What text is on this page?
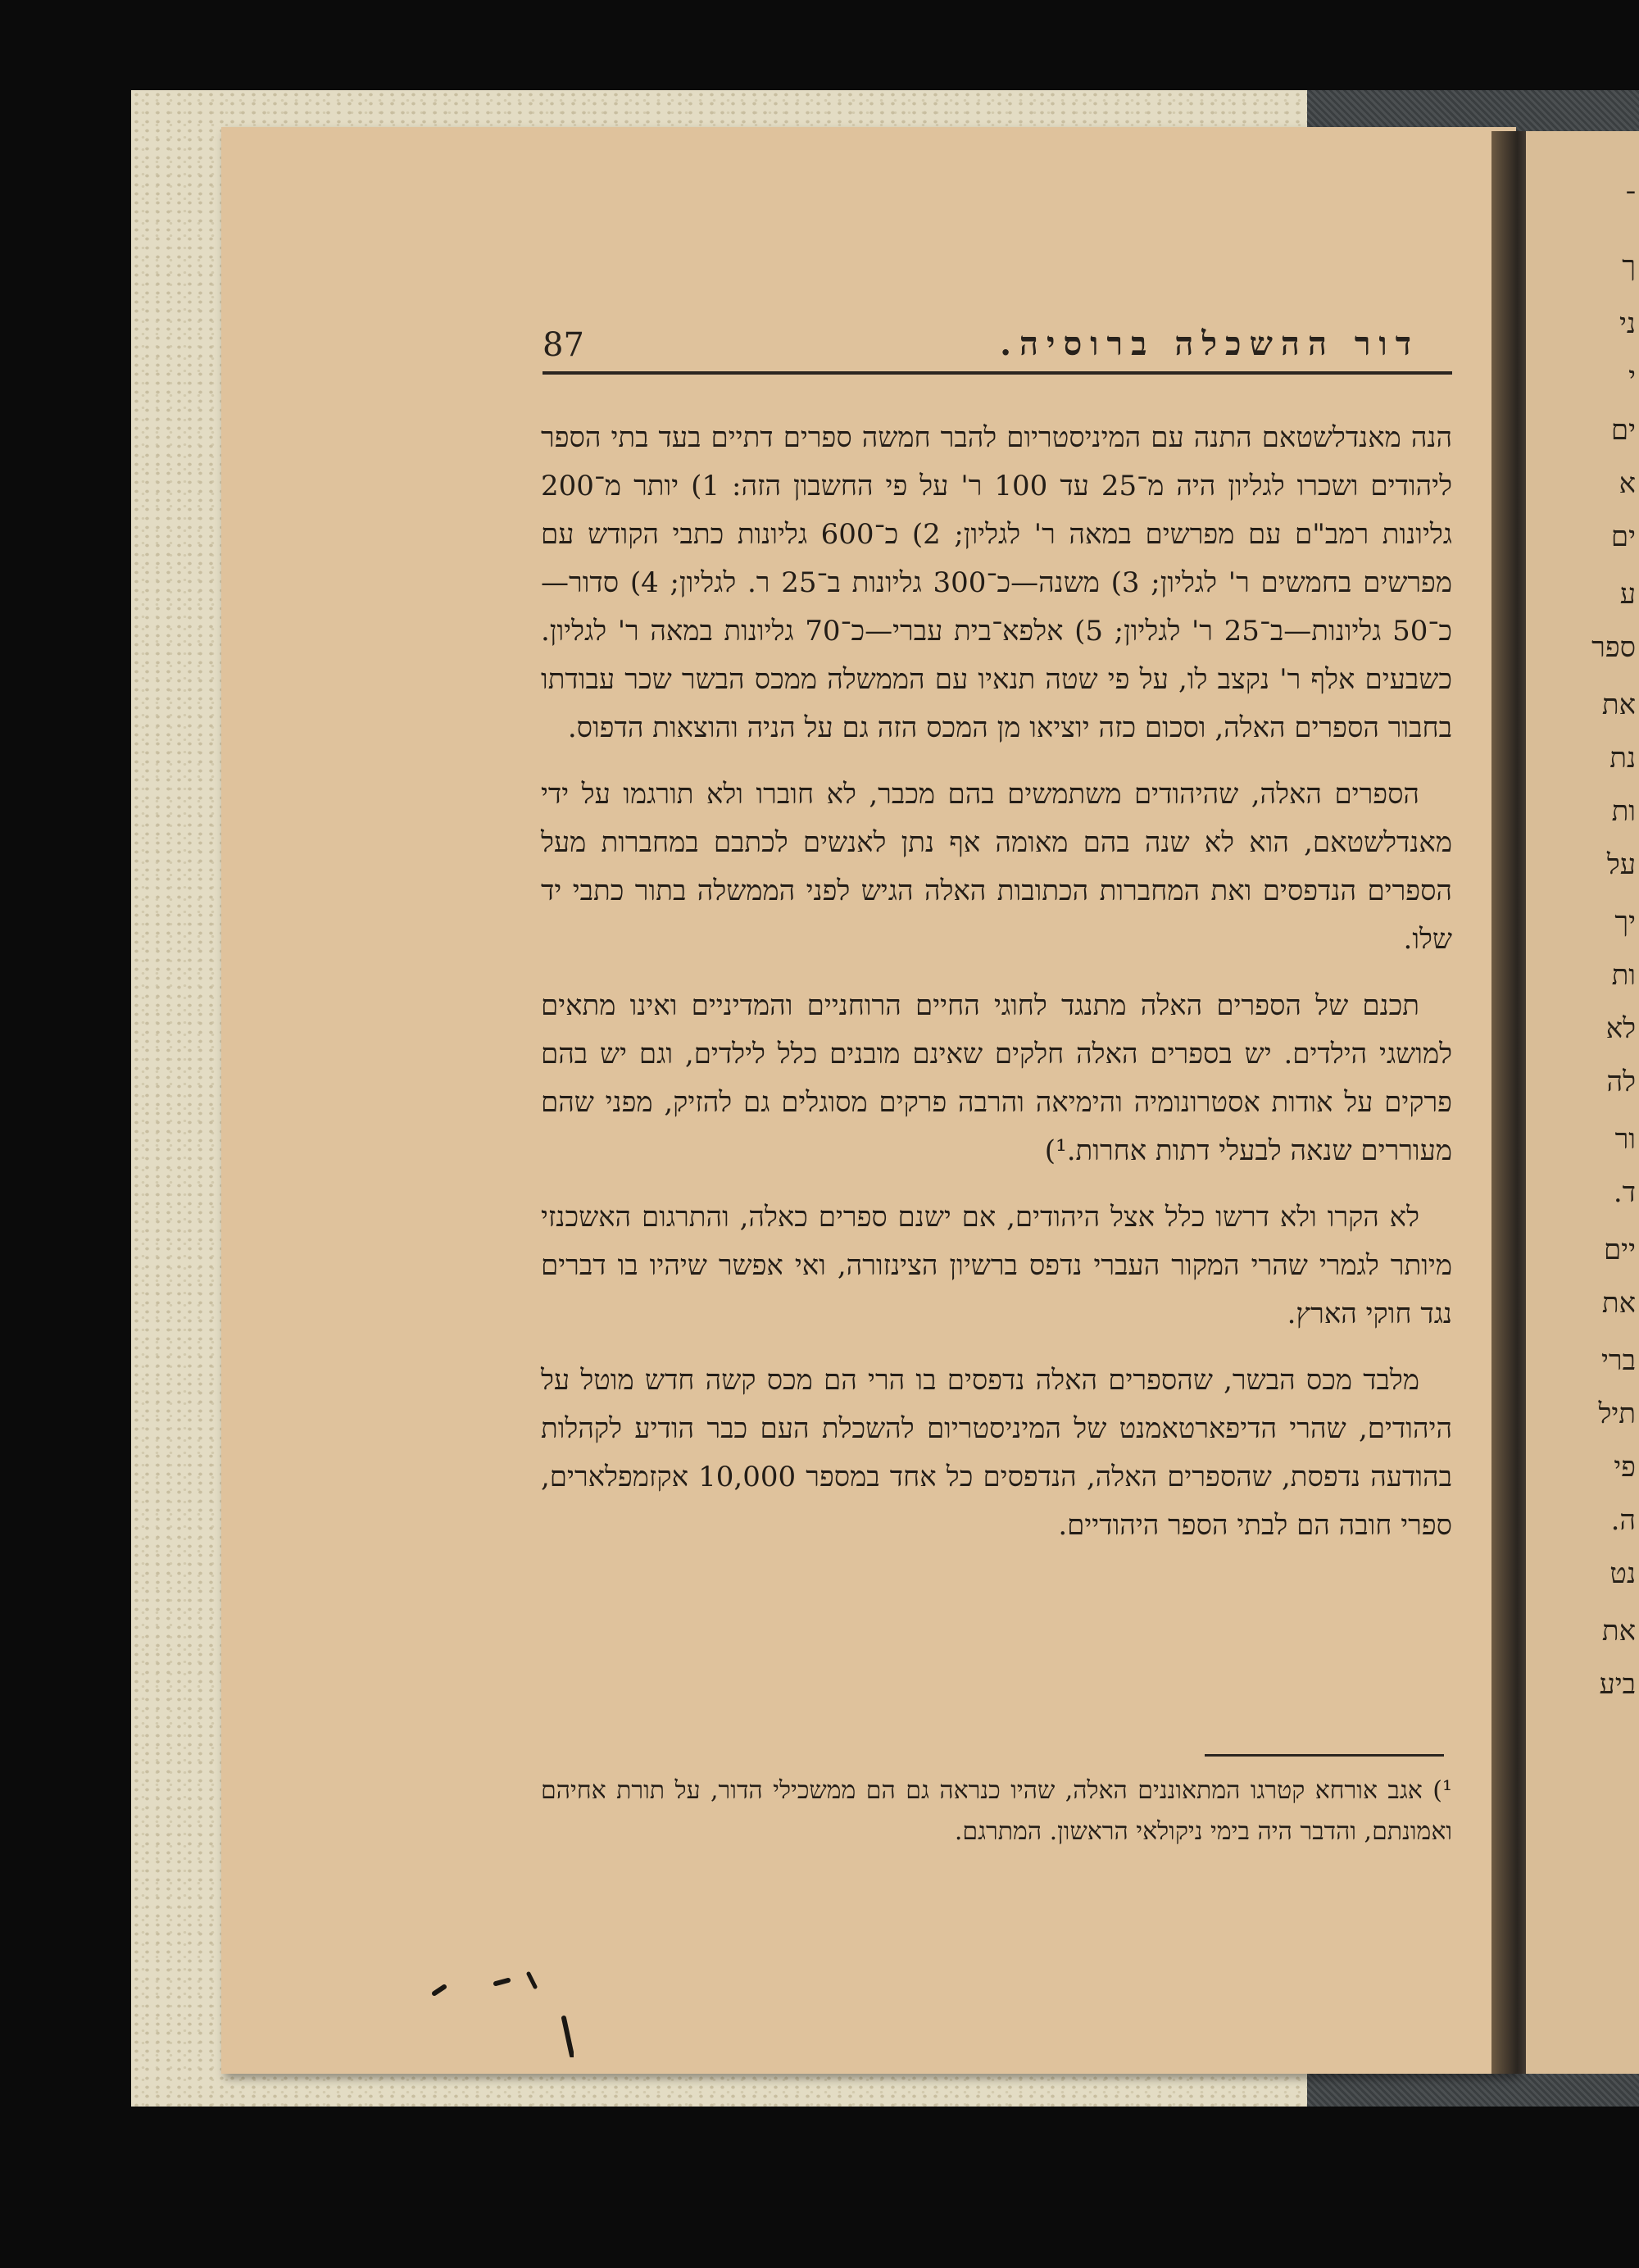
־
ך
ני
י
ים
א
ים
ע
ספר
את
נת
ות
על
יך
ות
לא
לה
ור
ד.
יים
את
ברי
תיל
פי
ה.
נט
את
ביע
87	דור ההשכלה ברוסיה.

הנה מאנדלשטאם התנה עם המיניסטריום להבר חמשה ספרים דתיים בעד בתי הספר ליהודים ושכרו לגליון היה מ־25 עד 100 ר' על פי החשבון הזה: 1) יותר מ־200 גליונות רמב"ם עם מפרשים במאה ר' לגליון; 2) כ־600 גליונות כתבי הקודש עם מפרשים בחמשים ר' לגליון; 3) משנה—כ־300 גליונות ב־25 ר. לגליון; 4) סדור—כ־50 גליונות—ב־25 ר' לגליון; 5) אלפא־בית עברי—כ־70 גליונות במאה ר' לגליון. כשבעים אלף ר' נקצב לו, על פי שטה תנאיו עם הממשלה ממכס הבשר שכר עבודתו בחבור הספרים האלה, וסכום כזה יוציאו מן המכס הזה גם על הניה והוצאות הדפוס.

הספרים האלה, שהיהודים משתמשים בהם מכבר, לא חוברו ולא תורגמו על ידי מאנדלשטאם, הוא לא שנה בהם מאומה אף נתן לאנשים לכתבם במחברות מעל הספרים הנדפסים ואת המחברות הכתובות האלה הגיש לפני הממשלה בתור כתבי יד שלו.

תכנם של הספרים האלה מתנגד לחוגי החיים הרוחניים והמדיניים ואינו מתאים למושגי הילדים. יש בספרים האלה חלקים שאינם מובנים כלל לילדים, וגם יש בהם פרקים על אודות אסטרונומיה והימיאה והרבה פרקים מסוגלים גם להזיק, מפני שהם מעוררים שנאה לבעלי דתות אחרות.¹)

לא הקרו ולא דרשו כלל אצל היהודים, אם ישנם ספרים כאלה, והתרגום האשכנזי מיותר לגמרי שהרי המקור העברי נדפס ברשיון הצינזורה, ואי אפשר שיהיו בו דברים נגד חוקי הארץ.

מלבד מכס הבשר, שהספרים האלה נדפסים בו הרי הם מכס קשה חדש מוטל על היהודים, שהרי הדיפארטאמנט של המיניסטריום להשכלת העם כבר הודיע לקהלות בהודעה נדפסת, שהספרים האלה, הנדפסים כל אחד במספר 10,000 אקזמפלארים, ספרי חובה הם לבתי הספר היהודיים.

¹) אגב אורחא קטרגו המתאוננים האלה, שהיו כנראה גם הם ממשכילי הדור, על תורת אחיהם ואמונתם, והדבר היה בימי ניקולאי הראשון. המתרגם.
